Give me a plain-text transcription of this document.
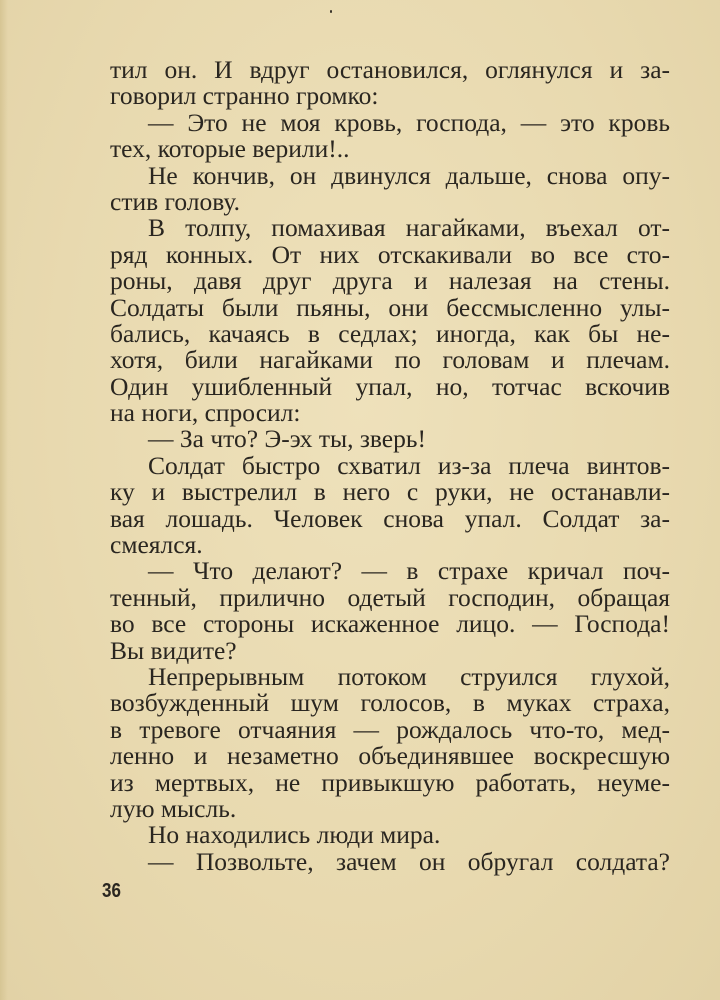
тил он. И вдруг остановился, оглянулся и за-
говорил странно громко:
— Это не моя кровь, господа, — это кровь
тех, которые верили!..
Не кончив, он двинулся дальше, снова опу-
стив голову.
В толпу, помахивая нагайками, въехал от-
ряд конных. От них отскакивали во все сто-
роны, давя друг друга и налезая на стены.
Солдаты были пьяны, они бессмысленно улы-
бались, качаясь в седлах; иногда, как бы не-
хотя, били нагайками по головам и плечам.
Один ушибленный упал, но, тотчас вскочив
на ноги, спросил:
— За что? Э-эх ты, зверь!
Солдат быстро схватил из-за плеча винтов-
ку и выстрелил в него с руки, не останавли-
вая лошадь. Человек снова упал. Солдат за-
смеялся.
— Что делают? — в страхе кричал поч-
тенный, прилично одетый господин, обращая
во все стороны искаженное лицо. — Господа!
Вы видите?
Непрерывным потоком струился глухой,
возбужденный шум голосов, в муках страха,
в тревоге отчаяния — рождалось что-то, мед-
ленно и незаметно объединявшее воскресшую
из мертвых, не привыкшую работать, неуме-
лую мысль.
Но находились люди мира.
— Позвольте, зачем он обругал солдата?
36
